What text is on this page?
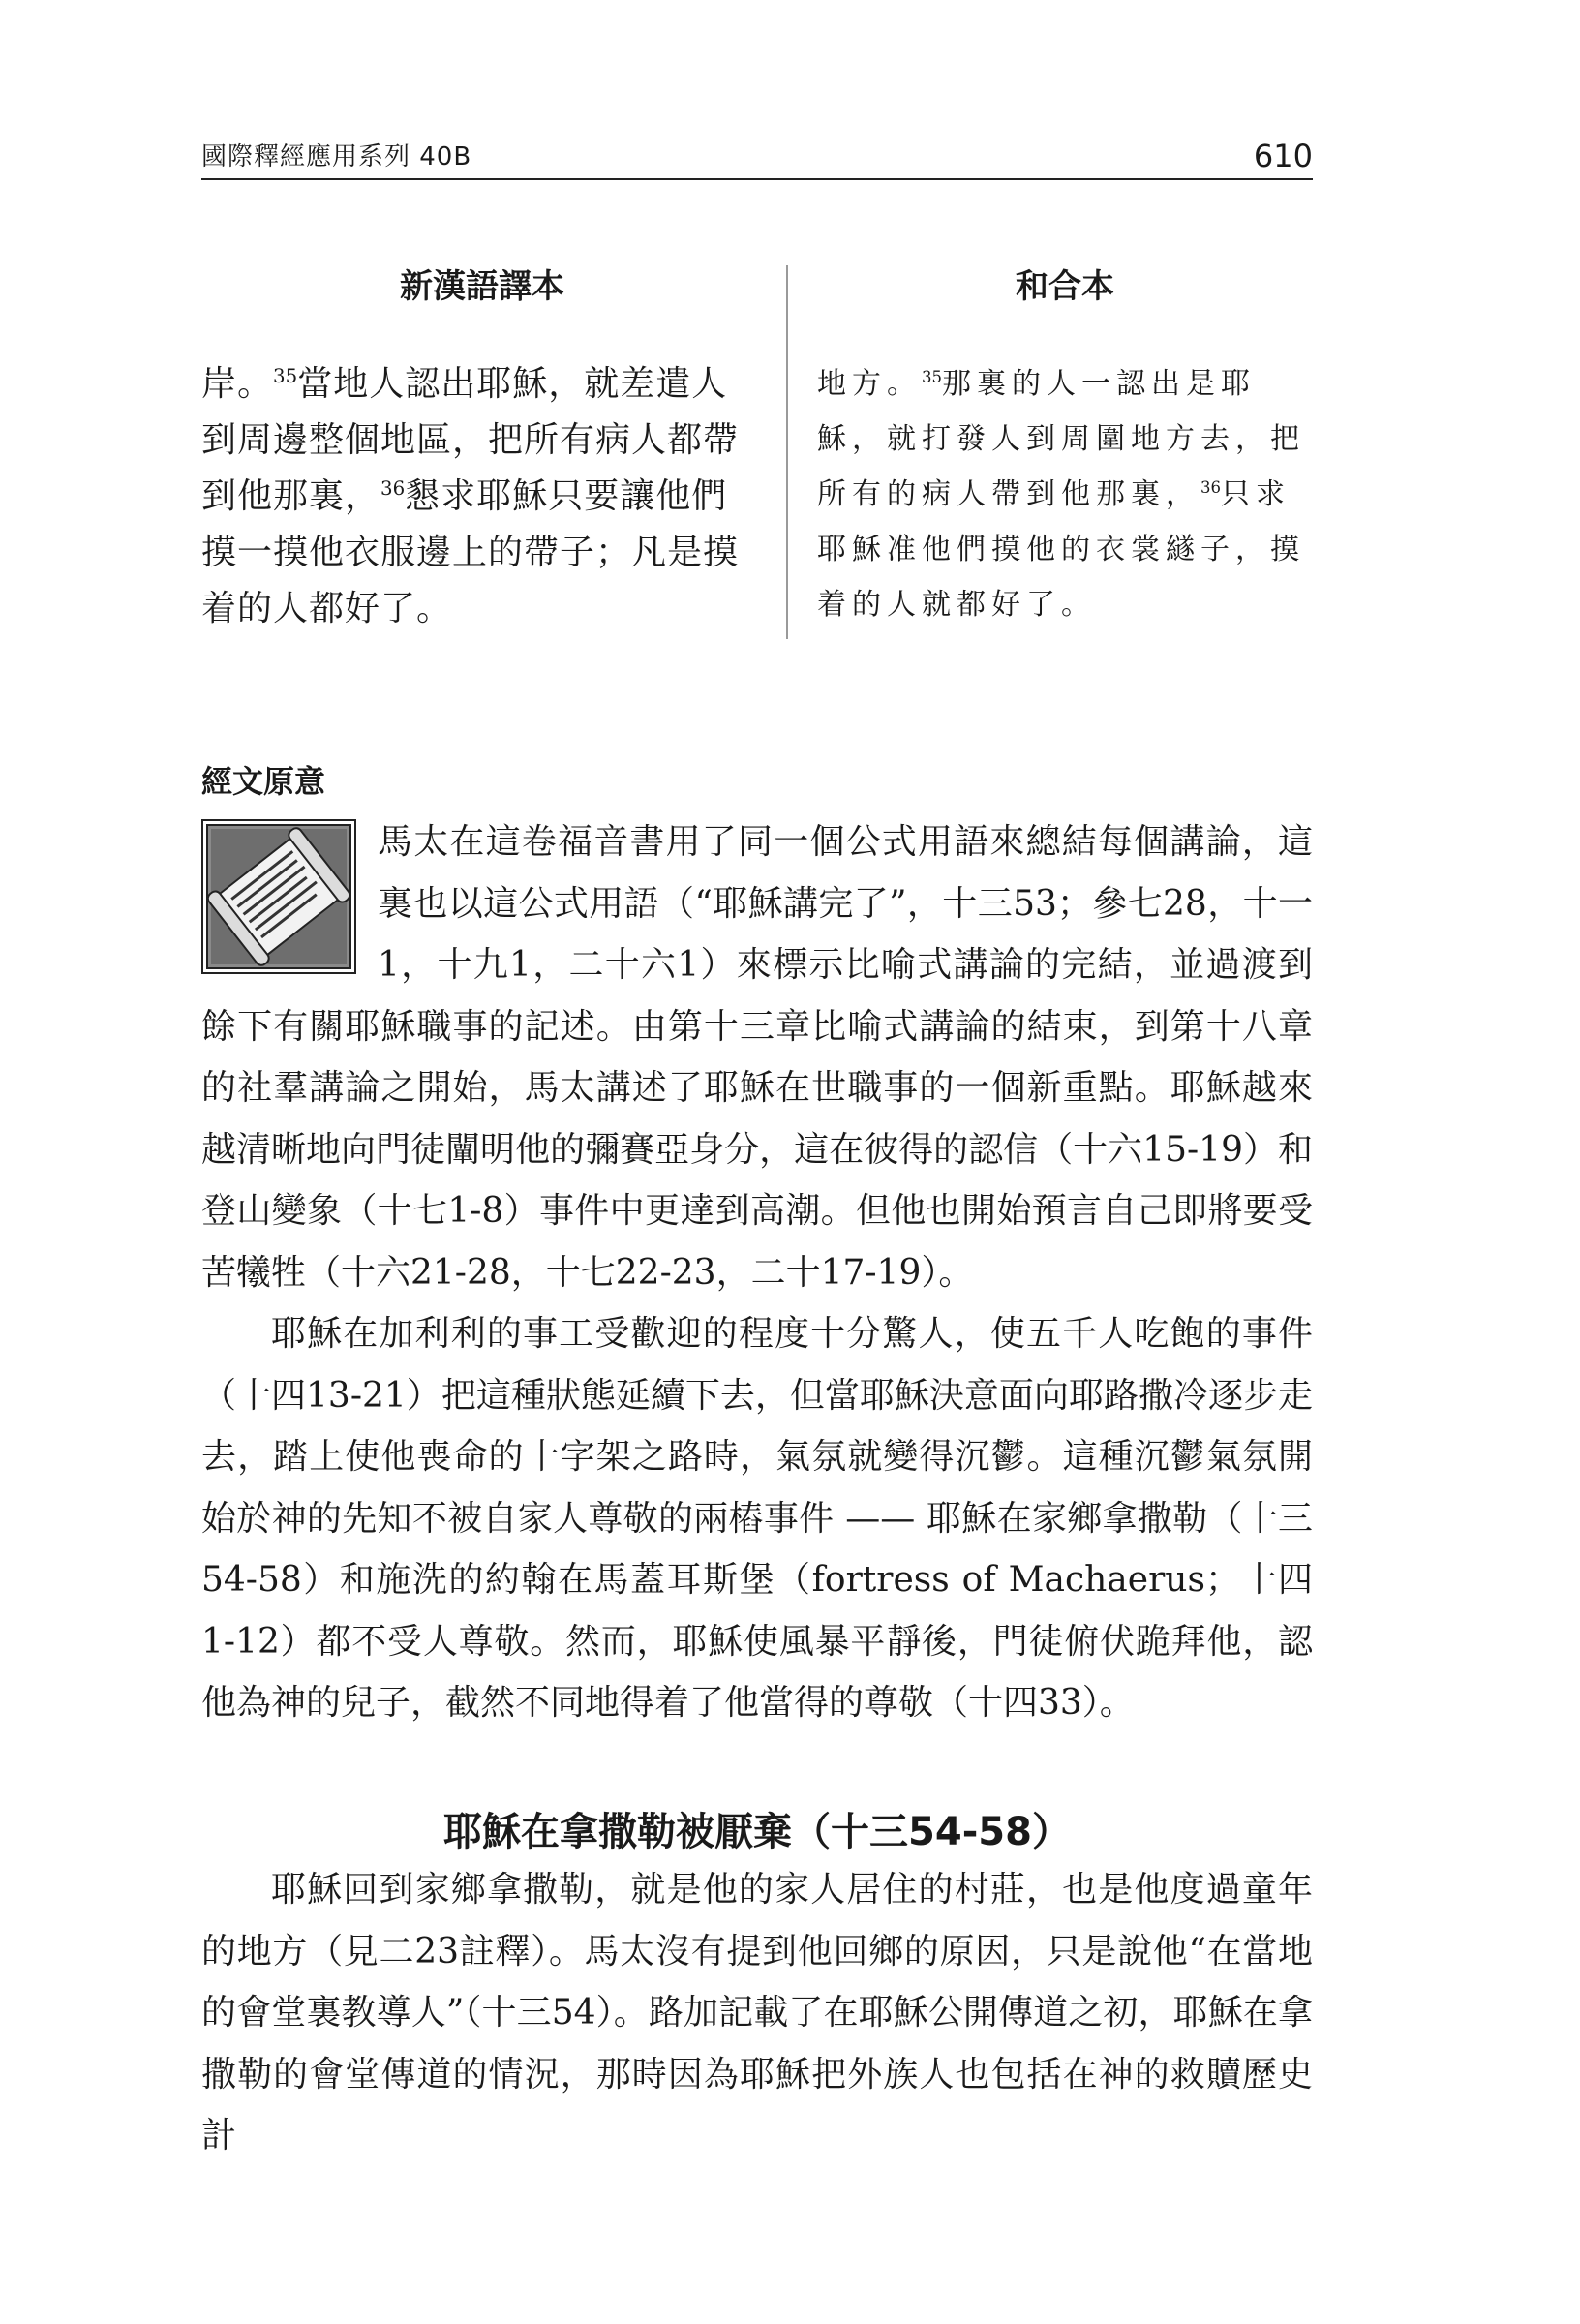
國際釋經應用系列 40B	610
新漢語譯本
岸。$^{35}$當地人認出耶穌，就差遣人到周邊整個地區，把所有病人都帶到他那裏，$^{36}$懇求耶穌只要讓他們摸一摸他衣服邊上的帶子；凡是摸着的人都好了。
和合本
地方。$^{35}$那裏的人一認出是耶穌，就打發人到周圍地方去，把所有的病人帶到他那裏，$^{36}$只求耶穌准他們摸他的衣裳繸子，摸着的人就都好了。
經文原意

馬太在這卷福音書用了同一個公式用語來總結每個講論，這裏也以這公式用語（“耶穌講完了”，十三53；參七28，十一1，十九1，二十六1）來標示比喻式講論的完結，並過渡到餘下有關耶穌職事的記述。由第十三章比喻式講論的結束，到第十八章的社羣講論之開始，馬太講述了耶穌在世職事的一個新重點。耶穌越來越清晰地向門徒闡明他的彌賽亞身分，這在彼得的認信（十六15-19）和登山變象（十七1-8）事件中更達到高潮。但他也開始預言自己即將要受苦犧牲（十六21-28，十七22-23，二十17-19）。

耶穌在加利利的事工受歡迎的程度十分驚人，使五千人吃飽的事件（十四13-21）把這種狀態延續下去，但當耶穌決意面向耶路撒冷逐步走去，踏上使他喪命的十字架之路時，氣氛就變得沉鬱。這種沉鬱氣氛開始於神的先知不被自家人尊敬的兩樁事件 —— 耶穌在家鄉拿撒勒（十三54-58）和施洗的約翰在馬蓋耳斯堡（fortress of Machaerus；十四1-12）都不受人尊敬。然而，耶穌使風暴平靜後，門徒俯伏跪拜他，認他為神的兒子，截然不同地得着了他當得的尊敬（十四33）。

耶穌在拿撒勒被厭棄（十三54-58）

耶穌回到家鄉拿撒勒，就是他的家人居住的村莊，也是他度過童年的地方（見二23註釋）。馬太沒有提到他回鄉的原因，只是說他“在當地的會堂裏教導人”（十三54）。路加記載了在耶穌公開傳道之初，耶穌在拿撒勒的會堂傳道的情況，那時因為耶穌把外族人也包括在神的救贖歷史計
